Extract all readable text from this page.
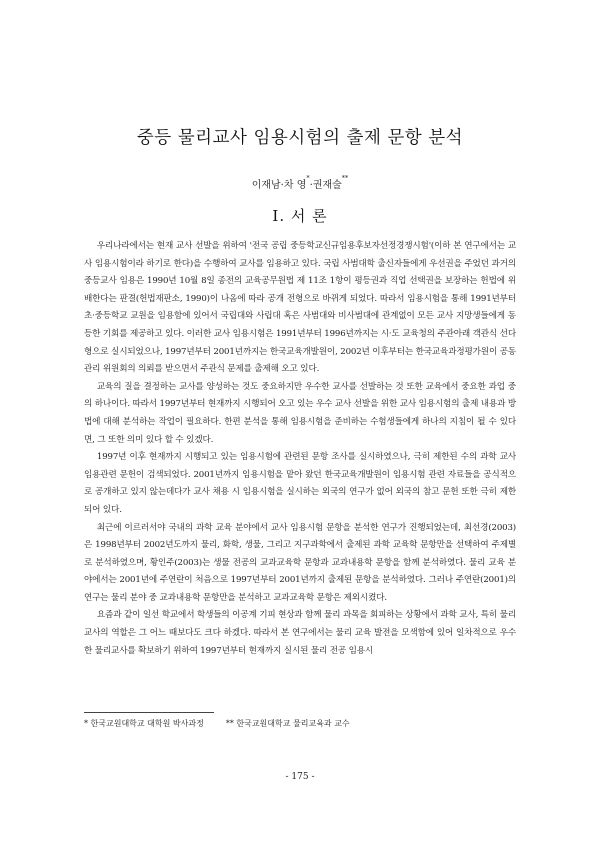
중등 물리교사 임용시험의 출제 문항 분석
이재남·차 영*·권재술**
Ⅰ. 서 론

우리나라에서는 현재 교사 선발을 위하여 '전국 공립 중등학교신규임용후보자선정경쟁시험'(이하 본 연구에서는 교사 임용시험이라 하기로 한다)을 수행하여 교사를 임용하고 있다. 국립 사범대학 출신자들에게 우선권을 주었던 과거의 중등교사 임용은 1990년 10월 8일 종전의 교육공무원법 제 11조 1항이 평등권과 직업 선택권을 보장하는 헌법에 위배한다는 판결(헌법재판소, 1990)이 나옴에 따라 공개 전형으로 바뀌게 되었다. 따라서 임용시험을 통해 1991년부터 초·중등학교 교원을 임용함에 있어서 국립대와 사립대 혹은 사범대와 비사범대에 관계없이 모든 교사 지망생들에게 동등한 기회를 제공하고 있다. 이러한 교사 임용시험은 1991년부터 1996년까지는 시·도 교육청의 주관아래 객관식 선다형으로 실시되었으나, 1997년부터 2001년까지는 한국교육개발원이, 2002년 이후부터는 한국교육과정평가원이 공동관리 위원회의 의뢰를 받으면서 주관식 문제를 출제해 오고 있다.

교육의 질을 결정하는 교사를 양성하는 것도 중요하지만 우수한 교사를 선발하는 것 또한 교육에서 중요한 과업 중의 하나이다. 따라서 1997년부터 현재까지 시행되어 오고 있는 우수 교사 선발을 위한 교사 임용시험의 출제 내용과 방법에 대해 분석하는 작업이 필요하다. 한편 분석을 통해 임용시험을 준비하는 수험생들에게 하나의 지침이 될 수 있다면, 그 또한 의미 있다 할 수 있겠다.

1997년 이후 현재까지 시행되고 있는 임용시험에 관련된 문항 조사를 실시하였으나, 극히 제한된 수의 과학 교사 임용관련 문헌이 검색되었다. 2001년까지 임용시험을 맡아 왔던 한국교육개발원이 임용시험 관련 자료들을 공식적으로 공개하고 있지 않는데다가 교사 채용 시 임용시험을 실시하는 외국의 연구가 없어 외국의 참고 문헌 또한 극히 제한되어 있다.

최근에 이르러서야 국내의 과학 교육 분야에서 교사 임용시험 문항을 분석한 연구가 진행되었는데, 최선경(2003)은 1998년부터 2002년도까지 물리, 화학, 생물, 그리고 지구과학에서 출제된 과학 교육학 문항만을 선택하여 주제별로 분석하였으며, 황인주(2003)는 생물 전공의 교과교육학 문항과 교과내용학 문항을 함께 분석하였다. 물리 교육 분야에서는 2001년에 주연란이 처음으로 1997년부터 2001년까지 출제된 문항을 분석하였다. 그러나 주연란(2001)의 연구는 물리 분야 중 교과내용학 문항만을 분석하고 교과교육학 문항은 제외시켰다.

요즘과 같이 일선 학교에서 학생들의 이공계 기피 현상과 함께 물리 과목을 회피하는 상황에서 과학 교사, 특히 물리교사의 역할은 그 어느 때보다도 크다 하겠다. 따라서 본 연구에서는 물리 교육 발전을 모색함에 있어 일차적으로 우수한 물리교사를 확보하기 위하여 1997년부터 현재까지 실시된 물리 전공 임용시

* 한국교원대학교 대학원 박사과정	** 한국교원대학교 물리교육과 교수
- 175 -
